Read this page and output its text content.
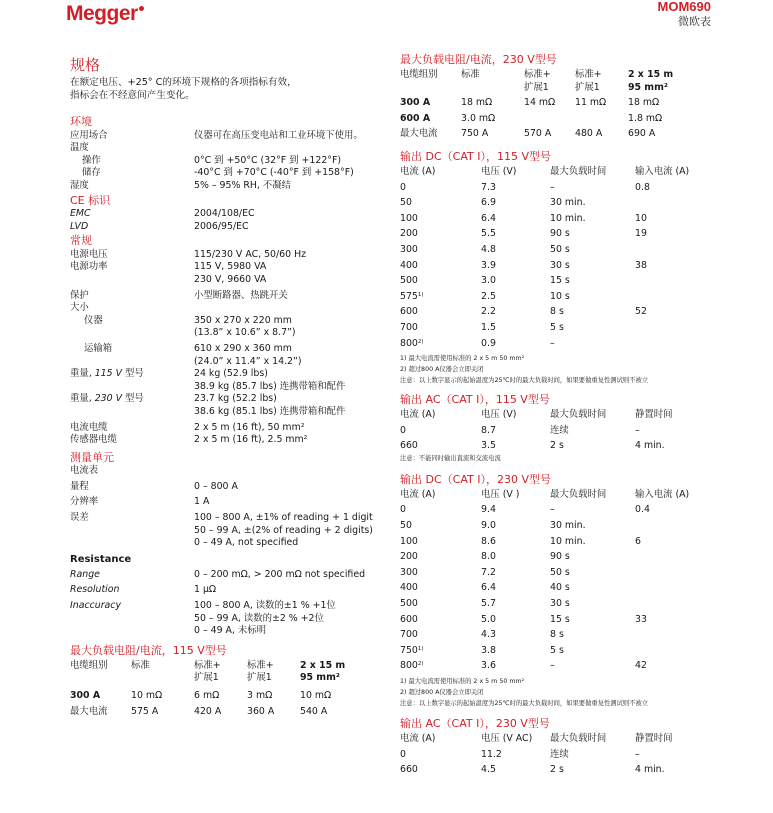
Megger	MOM690
微欧表
规格
在额定电压、+25° C的环境下规格的各项指标有效，
指标会在不经意间产生变化。
环境
应用场合	仪器可在高压变电站和工业环境下使用。
温度
操作	0°C 到 +50°C (32°F 到 +122°F)
储存	-40°C 到 +70°C (-40°F 到 +158°F)
湿度	5% – 95% RH, 不凝结
CE 标识
EMC	2004/108/EC
LVD	2006/95/EC
常规
电源电压	115/230 V AC, 50/60 Hz
电源功率	115 V, 5980 VA
230 V, 9660 VA
保护	小型断路器、热跳开关
大小
仪器	350 x 270 x 220 mm
(13.8” x 10.6” x 8.7”)
运输箱	610 x 290 x 360 mm
(24.0” x 11.4” x 14.2”)
重量, 115 V 型号	24 kg (52.9 lbs)
38.9 kg (85.7 lbs) 连携带箱和配件
重量, 230 V 型号	23.7 kg (52.2 lbs)
38.6 kg (85.1 lbs) 连携带箱和配件
电流电缆	2 x 5 m (16 ft), 50 mm²
传感器电缆	2 x 5 m (16 ft), 2.5 mm²
测量单元
电流表
量程	0 – 800 A
分辨率	1 A
误差	100 – 800 A, ±1% of reading + 1 digit
50 – 99 A, ±(2% of reading + 2 digits)
0 – 49 A, not specified
Resistance
Range	0 – 200 mΩ, > 200 mΩ not specified
Resolution	1 μΩ
Inaccuracy	100 – 800 A, 读数的±1 % +1位
50 – 99 A, 读数的±2 % +2位
0 – 49 A, 未标明
最大负载电阻/电流，115 V型号
电缆组别	标准	标准+	标准+	2 x 15 m
		扩展1	扩展1	95 mm²

300 A	10 mΩ	6 mΩ	3 mΩ	10 mΩ

最大电流	575 A	420 A	360 A	540 A
最大负载电阻/电流，230 V型号
电缆组别	标准	标准+	标准+	2 x 15 m
		扩展1	扩展1	95 mm²

300 A	18 mΩ	14 mΩ	11 mΩ	18 mΩ

600 A	3.0 mΩ			1.8 mΩ

最大电流	750 A	570 A	480 A	690 A
输出 DC（CAT I），115 V型号
电流 (A)	电压 (V)	最大负载时间	输入电流 (A)

0	7.3	–	0.8

50	6.9	30 min.	

100	6.4	10 min.	10

200	5.5	90 s	19

300	4.8	50 s	

400	3.9	30 s	38

500	3.0	15 s	

575$^{1)}$	2.5	10 s	

600	2.2	8 s	52

700	1.5	5 s	

800$^{2)}$	0.9	–	
1) 最大电流需使用标准的 2 x 5 m 50 mm²
2) 超过800 A仪器会立即关闭
注意：以上数字显示的起始温度为25℃时的最大负载时间，如果要做重复性测试则不被立
输出 AC（CAT I），115 V型号
电流 (A)	电压 (V)	最大负载时间	静置时间

0	8.7	连续	–

660	3.5	2 s	4 min.
注意：不能同时输出直流和交流电流
输出 DC（CAT I），230 V型号
电流 (A)	电压 (V )	最大负载时间	输入电流 (A)

0	9.4	–	0.4

50	9.0	30 min.	

100	8.6	10 min.	6

200	8.0	90 s	

300	7.2	50 s	

400	6.4	40 s	

500	5.7	30 s	

600	5.0	15 s	33

700	4.3	8 s	

750$^{1)}$	3.8	5 s	

800$^{2)}$	3.6	–	42
1) 最大电流需使用标准的 2 x 5 m 50 mm²
2) 超过800 A仪器会立即关闭
注意：以上数字显示的起始温度为25℃时的最大负载时间，如果要做重复性测试则不被立
输出 AC（CAT I），230 V型号
电流 (A)	电压 (V AC)	最大负载时间	静置时间

0	11.2	连续	–

660	4.5	2 s	4 min.
